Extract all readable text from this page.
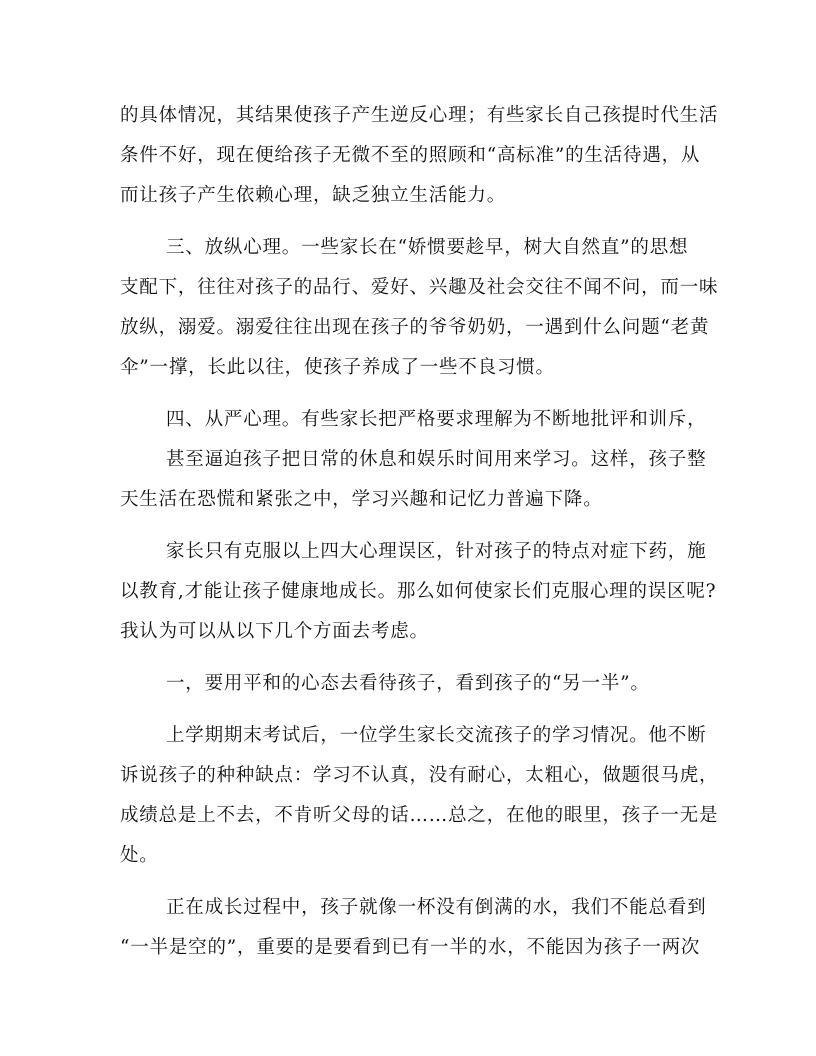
的具体情况，其结果使孩子产生逆反心理；有些家长自己孩提时代生活
条件不好，现在便给孩子无微不至的照顾和“高标准”的生活待遇，从
而让孩子产生依赖心理，缺乏独立生活能力。
三、放纵心理。一些家长在“娇惯要趁早，树大自然直”的思想
支配下，往往对孩子的品行、爱好、兴趣及社会交往不闻不问，而一味
放纵，溺爱。溺爱往往出现在孩子的爷爷奶奶，一遇到什么问题“老黄
伞”一撑，长此以往，使孩子养成了一些不良习惯。
四、从严心理。有些家长把严格要求理解为不断地批评和训斥，
甚至逼迫孩子把日常的休息和娱乐时间用来学习。这样，孩子整
天生活在恐慌和紧张之中，学习兴趣和记忆力普遍下降。
家长只有克服以上四大心理误区，针对孩子的特点对症下药，施
以教育,才能让孩子健康地成长。那么如何使家长们克服心理的误区呢?
我认为可以从以下几个方面去考虑。
一，要用平和的心态去看待孩子，看到孩子的“另一半”。
上学期期末考试后，一位学生家长交流孩子的学习情况。他不断
诉说孩子的种种缺点：学习不认真，没有耐心，太粗心，做题很马虎，
成绩总是上不去，不肯听父母的话……总之，在他的眼里，孩子一无是
处。
正在成长过程中，孩子就像一杯没有倒满的水，我们不能总看到
“一半是空的”，重要的是要看到已有一半的水，不能因为孩子一两次
